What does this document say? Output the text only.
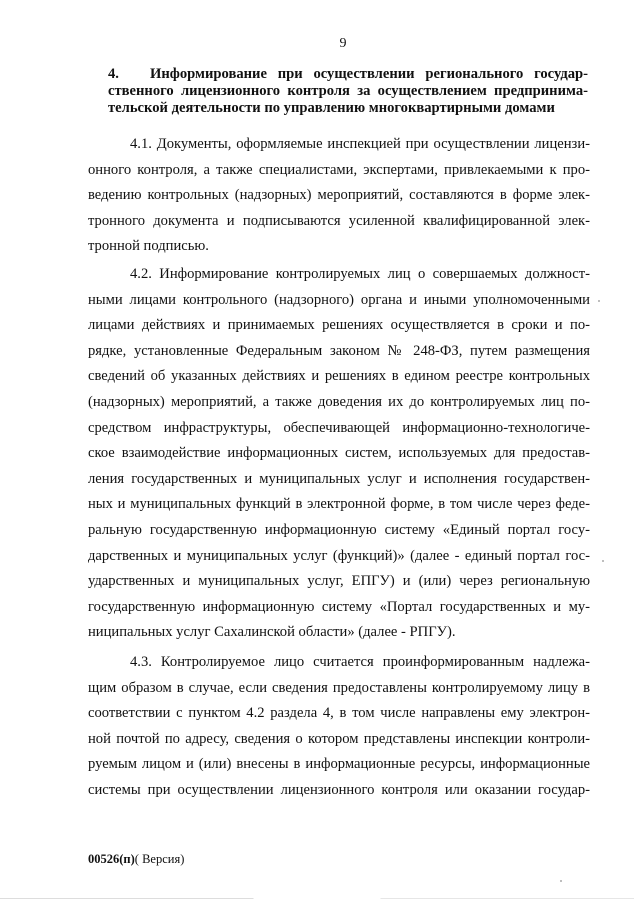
9
4. Информирование при осуществлении регионального государ-
ственного лицензионного контроля за осуществлением предпринима-
тельской деятельности по управлению многоквартирными домами
4.1. Документы, оформляемые инспекцией при осуществлении лицензи-
онного контроля, а также специалистами, экспертами, привлекаемыми к про-
ведению контрольных (надзорных) мероприятий, составляются в форме элек-
тронного документа и подписываются усиленной квалифицированной элек-
тронной подписью.
4.2. Информирование контролируемых лиц о совершаемых должност-
ными лицами контрольного (надзорного) органа и иными уполномоченными
лицами действиях и принимаемых решениях осуществляется в сроки и по-
рядке, установленные Федеральным законом № 248-ФЗ, путем размещения
сведений об указанных действиях и решениях в едином реестре контрольных
(надзорных) мероприятий, а также доведения их до контролируемых лиц по-
средством инфраструктуры, обеспечивающей информационно-технологиче-
ское взаимодействие информационных систем, используемых для предостав-
ления государственных и муниципальных услуг и исполнения государствен-
ных и муниципальных функций в электронной форме, в том числе через феде-
ральную государственную информационную систему «Единый портал госу-
дарственных и муниципальных услуг (функций)» (далее - единый портал гос-
ударственных и муниципальных услуг, ЕПГУ) и (или) через региональную
государственную информационную систему «Портал государственных и му-
ниципальных услуг Сахалинской области» (далее - РПГУ).
4.3. Контролируемое лицо считается проинформированным надлежа-
щим образом в случае, если сведения предоставлены контролируемому лицу в
соответствии с пунктом 4.2 раздела 4, в том числе направлены ему электрон-
ной почтой по адресу, сведения о котором представлены инспекции контроли-
руемым лицом и (или) внесены в информационные ресурсы, информационные
системы при осуществлении лицензионного контроля или оказании государ-
00526(п)( Версия)
